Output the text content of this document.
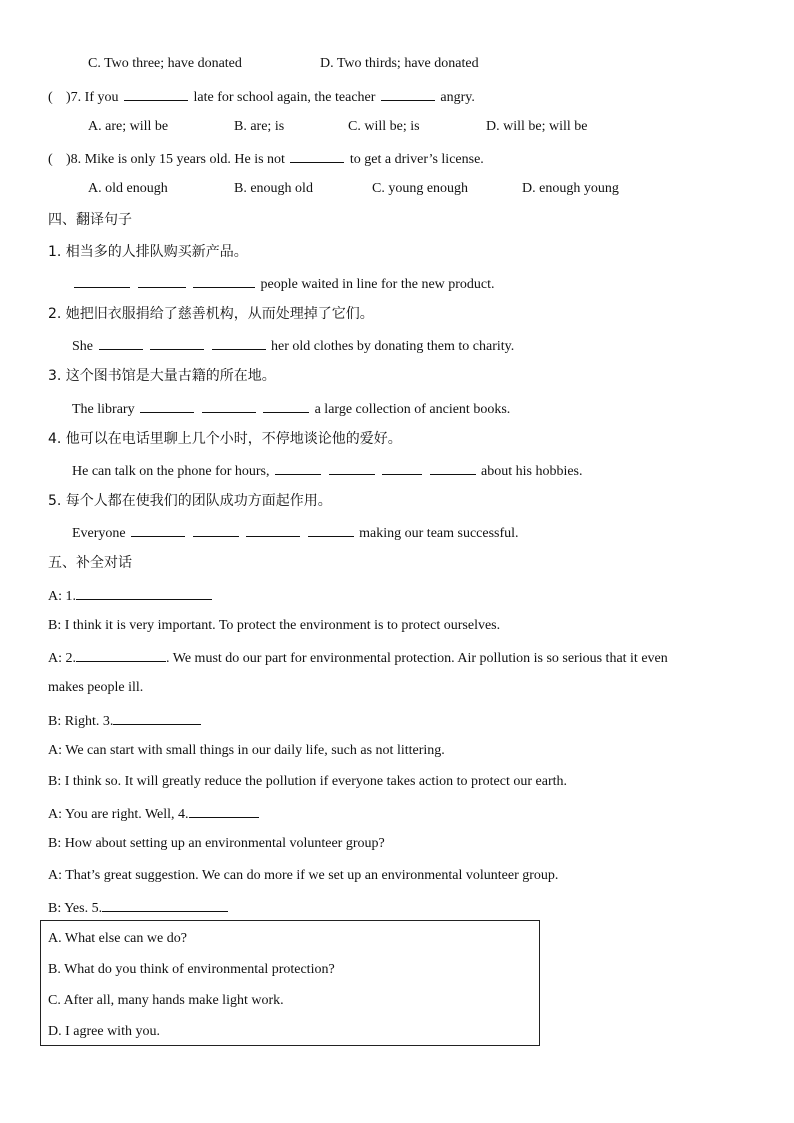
C. Two three; have donated	D. Two thirds; have donated
( )7. If you	late for school again, the teacher	angry.
A. are; will be	B. are; is	C. will be; is	D. will be; will be
( )8. Mike is only 15 years old. He is not	to get a driver’s license.
A. old enough	B. enough old	C. young enough	D. enough young
四、翻译句子
1. 相当多的人排队购买新产品。
people waited in line for the new product.
2. 她把旧衣服捐给了慈善机构，从而处理掉了它们。
She	her old clothes by donating them to charity.
3. 这个图书馆是大量古籍的所在地。
The library	a large collection of ancient books.
4. 他可以在电话里聊上几个小时，不停地谈论他的爱好。
He can talk on the phone for hours,	about his hobbies.
5. 每个人都在使我们的团队成功方面起作用。
Everyone	making our team successful.
五、补全对话
A: 1.
B: I think it is very important. To protect the environment is to protect ourselves.
A: 2.	. We must do our part for environmental protection. Air pollution is so serious that it even
makes people ill.
B: Right. 3.
A: We can start with small things in our daily life, such as not littering.
B: I think so. It will greatly reduce the pollution if everyone takes action to protect our earth.
A: You are right. Well, 4.
B: How about setting up an environmental volunteer group?
A: That’s great suggestion. We can do more if we set up an environmental volunteer group.
B: Yes. 5.
A. What else can we do?
B. What do you think of environmental protection?
C. After all, many hands make light work.
D. I agree with you.
